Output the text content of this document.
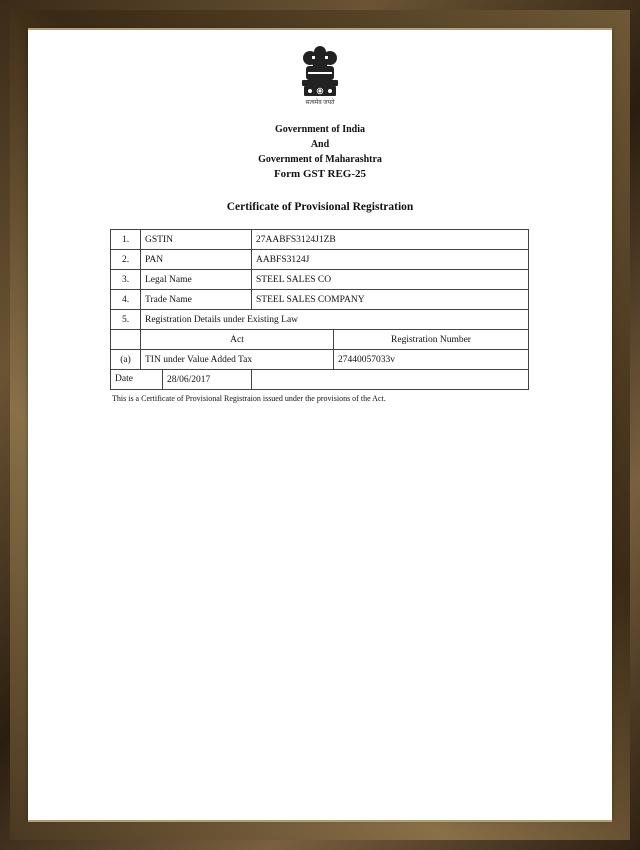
सत्यमेव जयते
Government of India
And
Government of Maharashtra
Form GST REG-25
Certificate of Provisional Registration
1.	GSTIN	27AABFS3124J1ZB	
2.	PAN	AABFS3124J	
3.	Legal Name	STEEL SALES CO	
4.	Trade Name	STEEL SALES COMPANY	
5.	Registration Details under Existing Law		
	Act		Registration Number
(a)	TIN under Value Added Tax		27440057033v

Date 28/06/2017			

This is a Certificate of Provisional Registraion issued under the provisions of the Act.
